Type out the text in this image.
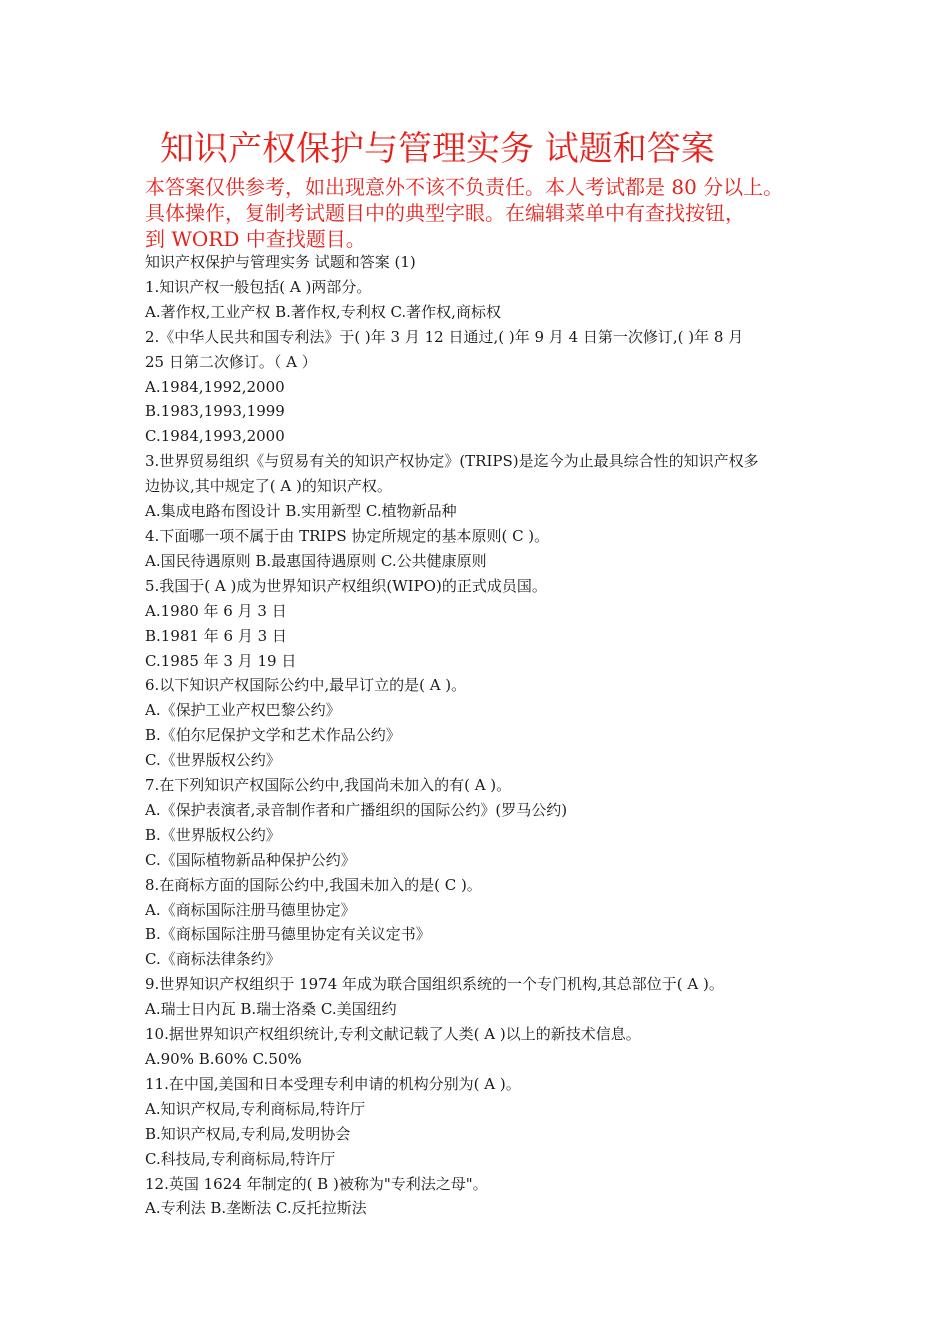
知识产权保护与管理实务 试题和答案
本答案仅供参考，如出现意外不该不负责任。本人考试都是 80 分以上。
具体操作，复制考试题目中的典型字眼。在编辑菜单中有查找按钮，
到 WORD 中查找题目。
知识产权保护与管理实务 试题和答案 (1)
1.知识产权一般包括( A )两部分。
A.著作权,工业产权 B.著作权,专利权 C.著作权,商标权
2.《中华人民共和国专利法》于( )年 3 月 12 日通过,( )年 9 月 4 日第一次修订,( )年 8 月
25 日第二次修订。（ A ）
A.1984,1992,2000
B.1983,1993,1999
C.1984,1993,2000
3.世界贸易组织《与贸易有关的知识产权协定》(TRIPS)是迄今为止最具综合性的知识产权多
边协议,其中规定了( A )的知识产权。
A.集成电路布图设计 B.实用新型 C.植物新品种
4.下面哪一项不属于由 TRIPS 协定所规定的基本原则( C )。
A.国民待遇原则 B.最惠国待遇原则 C.公共健康原则
5.我国于( A )成为世界知识产权组织(WIPO)的正式成员国。
A.1980 年 6 月 3 日
B.1981 年 6 月 3 日
C.1985 年 3 月 19 日
6.以下知识产权国际公约中,最早订立的是( A )。
A.《保护工业产权巴黎公约》
B.《伯尔尼保护文学和艺术作品公约》
C.《世界版权公约》
7.在下列知识产权国际公约中,我国尚未加入的有( A )。
A.《保护表演者,录音制作者和广播组织的国际公约》(罗马公约)
B.《世界版权公约》
C.《国际植物新品种保护公约》
8.在商标方面的国际公约中,我国未加入的是( C )。
A.《商标国际注册马德里协定》
B.《商标国际注册马德里协定有关议定书》
C.《商标法律条约》
9.世界知识产权组织于 1974 年成为联合国组织系统的一个专门机构,其总部位于( A )。
A.瑞士日内瓦 B.瑞士洛桑 C.美国纽约
10.据世界知识产权组织统计,专利文献记载了人类( A )以上的新技术信息。
A.90% B.60% C.50%
11.在中国,美国和日本受理专利申请的机构分别为( A )。
A.知识产权局,专利商标局,特许厅
B.知识产权局,专利局,发明协会
C.科技局,专利商标局,特许厅
12.英国 1624 年制定的( B )被称为"专利法之母"。
A.专利法 B.垄断法 C.反托拉斯法
